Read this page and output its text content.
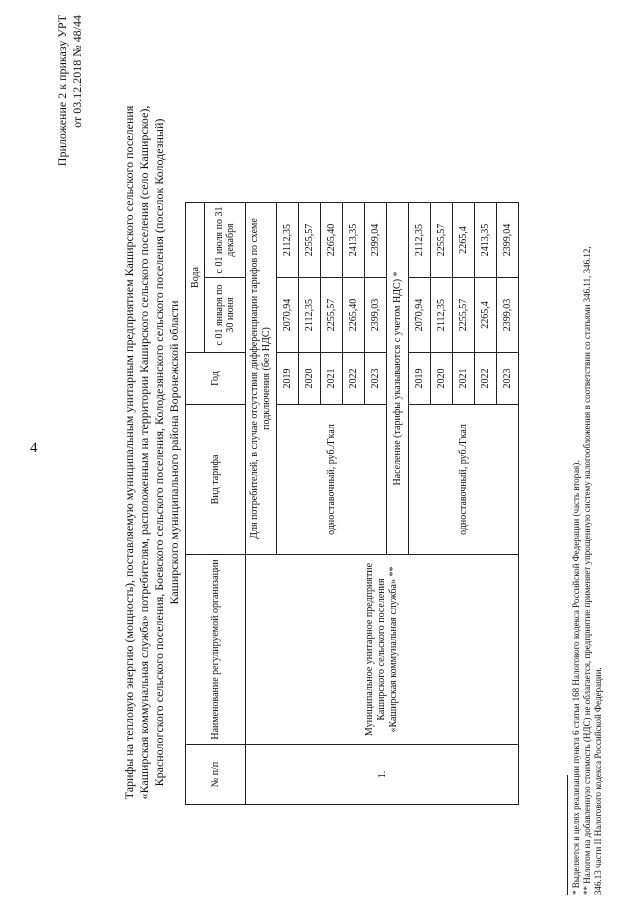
4
Приложение 2 к приказу УРТ от 03.12.2018 № 48/44
Тарифы на тепловую энергию (мощность), поставляемую муниципальным унитарным предприятием Каширского сельского поселения «Каширская коммунальная служба» потребителям, расположенным на территории Каширского сельского поселения (село Каширское), Краснологского сельского поселения, Боевского сельского поселения, Колодезянского сельского поселения (поселок Колодезный) Каширского муниципального района Воронежской области
№ п/п	Наименование регулируемой организации	Вид тарифа	Год	Вода	
				с 01 января по 30 июня	с 01 июля по 31 декабря
1.	Муниципальное унитарное предприятие Каширского сельского поселения «Каширская коммунальная служба» **	Для потребителей, в случае отсутствия дифференциации тарифов по схеме подключения (без НДС)			
		одноставочный, руб./Гкал	2019	2070,94	2112,35
			2020	2112,35	2255,57
			2021	2255,57	2265,40
			2022	2265,40	2413,35
			2023	2399,03	2399,04
		Население (тарифы указываются с учетом НДС) *			
		одноставочный, руб./Гкал	2019	2070,94	2112,35
			2020	2112,35	2255,57
			2021	2255,57	2265,4
			2022	2265,4	2413,35
			2023	2399,03	2399,04
* Выделяется в целях реализации пункта 6 статьи 168 Налогового кодекса Российской Федерации (часть вторая). ** Налогом на добавленную стоимость (НДС) не облагается, предприятие применяет упрощенную систему налогообложения в соответствии со статьями 346.11, 346.12, 346.13 части II Налогового кодекса Российской Федерации.
